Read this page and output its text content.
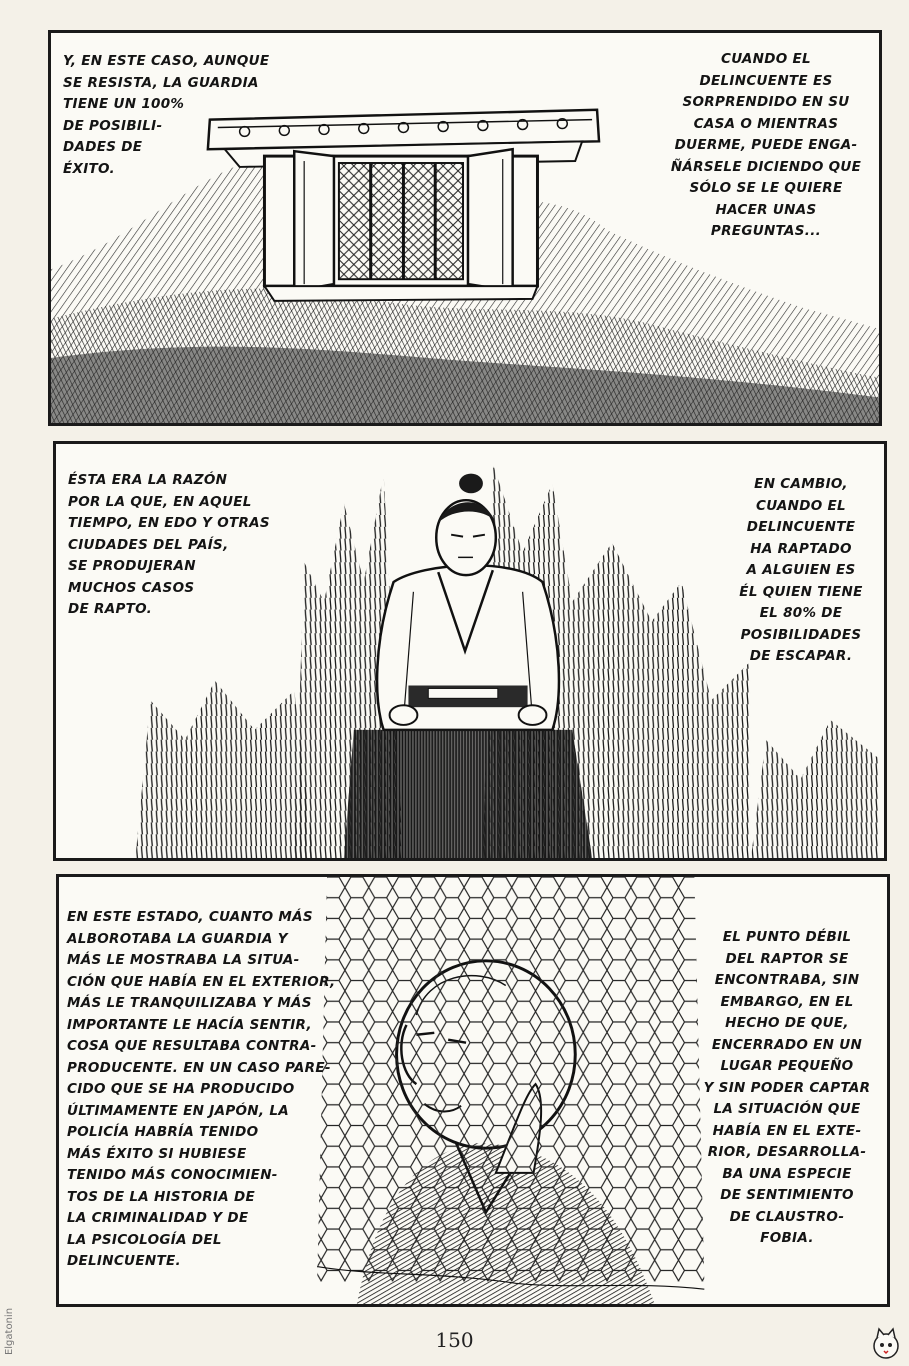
Y, EN ESTE CASO, AUNQUE
SE RESISTA, LA GUARDIA
TIENE UN 100%
DE POSIBILI-
DADES DE
ÉXITO.
CUANDO EL
DELINCUENTE ES
SORPRENDIDO EN SU
CASA O MIENTRAS
DUERME, PUEDE ENGA-
ÑÁRSELE DICIENDO QUE
SÓLO SE LE QUIERE
HACER UNAS
PREGUNTAS...
ÉSTA ERA LA RAZÓN
POR LA QUE, EN AQUEL
TIEMPO, EN EDO Y OTRAS
CIUDADES DEL PAÍS,
SE PRODUJERAN
MUCHOS CASOS
DE RAPTO.
EN CAMBIO,
CUANDO EL
DELINCUENTE
HA RAPTADO
A ALGUIEN ES
ÉL QUIEN TIENE
EL 80% DE
POSIBILIDADES
DE ESCAPAR.
EN ESTE ESTADO, CUANTO MÁS
ALBOROTABA LA GUARDIA Y
MÁS LE MOSTRABA LA SITUA-
CIÓN QUE HABÍA EN EL EXTERIOR,
MÁS LE TRANQUILIZABA Y MÁS
IMPORTANTE LE HACÍA SENTIR,
COSA QUE RESULTABA CONTRA-
PRODUCENTE. EN UN CASO PARE-
CIDO QUE SE HA PRODUCIDO
ÚLTIMAMENTE EN JAPÓN, LA
POLICÍA HABRÍA TENIDO
MÁS ÉXITO SI HUBIESE
TENIDO MÁS CONOCIMIEN-
TOS DE LA HISTORIA DE
LA CRIMINALIDAD Y DE
LA PSICOLOGÍA DEL
DELINCUENTE.
EL PUNTO DÉBIL
DEL RAPTOR SE
ENCONTRABA, SIN
EMBARGO, EN EL
HECHO DE QUE,
ENCERRADO EN UN
LUGAR PEQUEÑO
Y SIN PODER CAPTAR
LA SITUACIÓN QUE
HABÍA EN EL EXTE-
RIOR, DESARROLLA-
BA UNA ESPECIE
DE SENTIMIENTO
DE CLAUSTRO-
FOBIA.
150
Elgatonin
